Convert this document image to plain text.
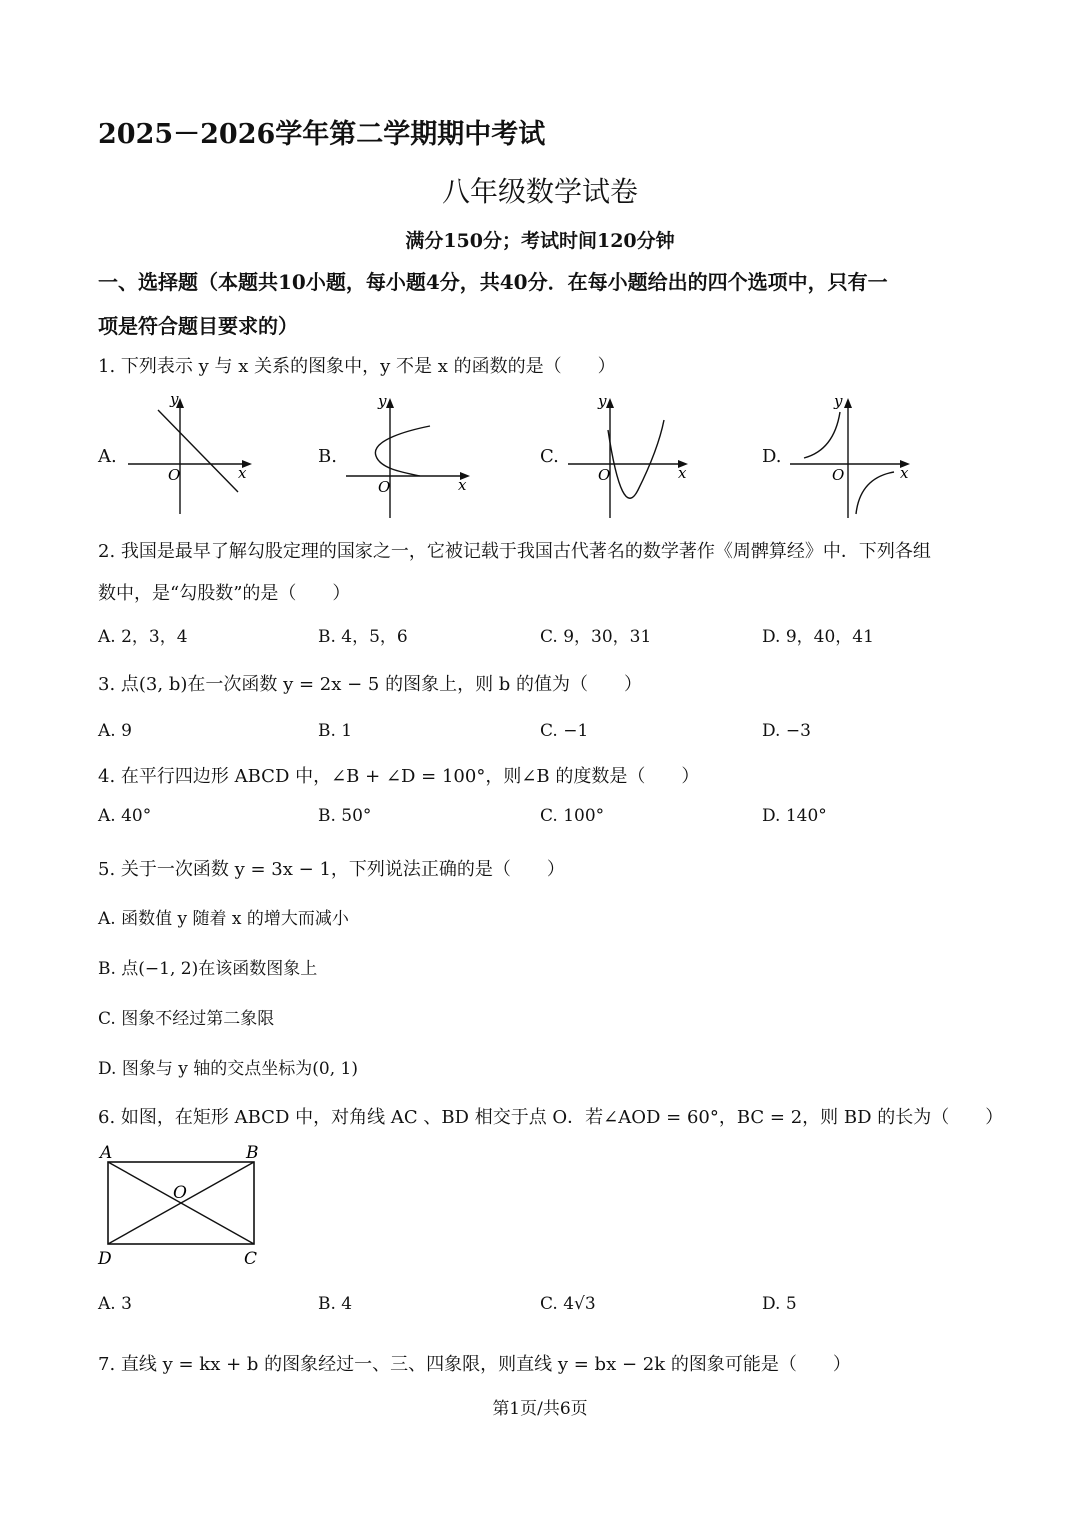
2025－2026学年第二学期期中考试
八年级数学试卷
满分150分；考试时间120分钟
一、选择题（本题共10小题，每小题4分，共40分．在每小题给出的四个选项中，只有一
项是符合题目要求的）
1. 下列表示 y 与 x 关系的图象中，y 不是 x 的函数的是（　　）
A.	B.	C.	D.
y
x
O
y
x
O
y
x
O
y
x
O
2. 我国是最早了解勾股定理的国家之一，它被记载于我国古代著名的数学著作《周髀算经》中．下列各组
数中，是“勾股数”的是（　　）
A. 2，3，4	B. 4，5，6	C. 9，30，31	D. 9，40，41
3. 点(3, b)在一次函数 y = 2x − 5 的图象上，则 b 的值为（　　）
A. 9	B. 1	C. −1	D. −3
4. 在平行四边形 ABCD 中，∠B + ∠D = 100°，则∠B 的度数是（　　）
A. 40°	B. 50°	C. 100°	D. 140°
5. 关于一次函数 y = 3x − 1，下列说法正确的是（　　）
A. 函数值 y 随着 x 的增大而减小
B. 点(−1, 2)在该函数图象上
C. 图象不经过第二象限
D. 图象与 y 轴的交点坐标为(0, 1)
6. 如图，在矩形 ABCD 中，对角线 AC 、BD 相交于点 O．若∠AOD = 60°，BC = 2，则 BD 的长为（　　）
A	B
C
D
O
A. 3	B. 4	C. 4√3	D. 5
7. 直线 y = kx + b 的图象经过一、三、四象限，则直线 y = bx − 2k 的图象可能是（　　）
第1页/共6页
